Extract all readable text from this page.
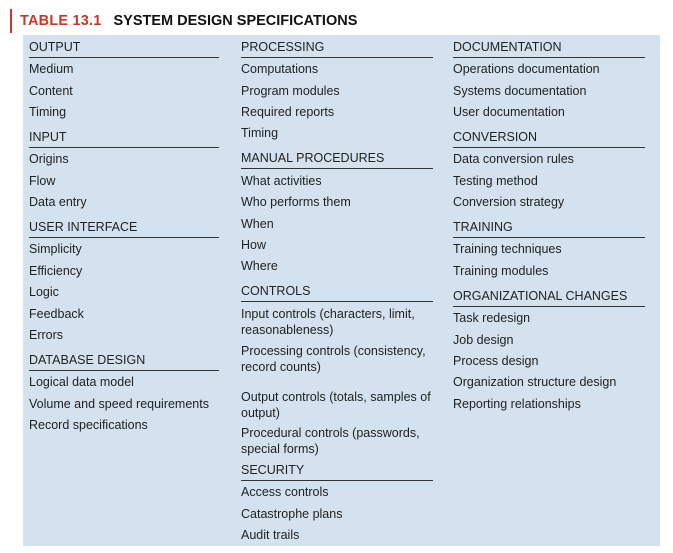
TABLE 13.1 SYSTEM DESIGN SPECIFICATIONS
OUTPUT
Medium
Content
Timing
INPUT
Origins
Flow
Data entry
USER INTERFACE
Simplicity
Efficiency
Logic
Feedback
Errors
DATABASE DESIGN
Logical data model
Volume and speed requirements
Record specifications
PROCESSING
Computations
Program modules
Required reports
Timing
MANUAL PROCEDURES
What activities
Who performs them
When
How
Where
CONTROLS
Input controls (characters, limit, reasonableness)
Processing controls (consistency, record counts)
Output controls (totals, samples of output)
Procedural controls (passwords, special forms)
SECURITY
Access controls
Catastrophe plans
Audit trails
DOCUMENTATION
Operations documentation
Systems documentation
User documentation
CONVERSION
Data conversion rules
Testing method
Conversion strategy
TRAINING
Training techniques
Training modules
ORGANIZATIONAL CHANGES
Task redesign
Job design
Process design
Organization structure design
Reporting relationships
